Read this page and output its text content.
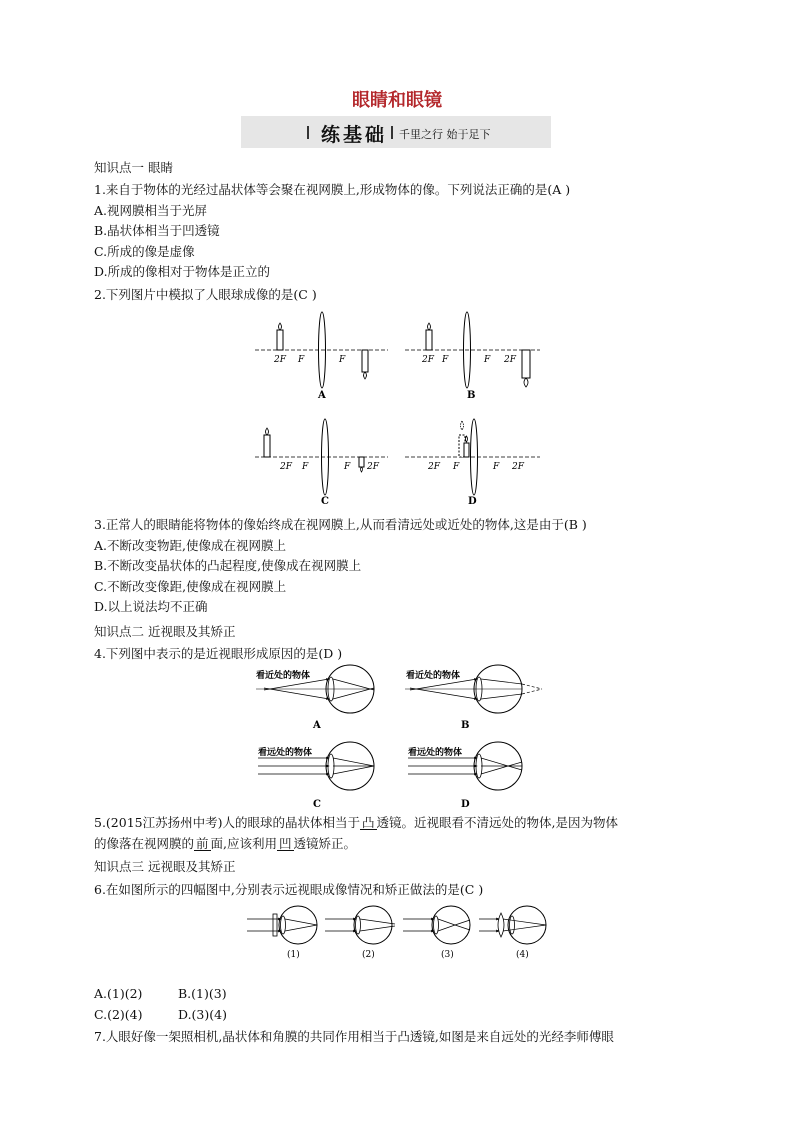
眼睛和眼镜
练基础 千里之行 始于足下
知识点一 眼睛
1.来自于物体的光经过晶状体等会聚在视网膜上,形成物体的像。下列说法正确的是(A )
A.视网膜相当于光屏
B.晶状体相当于凹透镜
C.所成的像是虚像
D.所成的像相对于物体是正立的
2.下列图片中模拟了人眼球成像的是(C )
2F F	F
A
2F F	F 2F
B
2F F	F 2F
C
2F F	F 2F
D
3.正常人的眼睛能将物体的像始终成在视网膜上,从而看清远处或近处的物体,这是由于(B )
A.不断改变物距,使像成在视网膜上
B.不断改变晶状体的凸起程度,使像成在视网膜上
C.不断改变像距,使像成在视网膜上
D.以上说法均不正确
知识点二 近视眼及其矫正
4.下列图中表示的是近视眼形成原因的是(D )
看近处的物体
A
看近处的物体
B
看远处的物体
C
看远处的物体
D
5.(2015江苏扬州中考)人的眼球的晶状体相当于 凸 透镜。近视眼看不清远处的物体,是因为物体
的像落在视网膜的 前 面,应该利用 凹 透镜矫正。
知识点三 远视眼及其矫正
6.在如图所示的四幅图中,分别表示远视眼成像情况和矫正做法的是(C )
(1)	(2)	(3)	(4)
A.(1)(2)	B.(1)(3)
C.(2)(4)	D.(3)(4)
7.人眼好像一架照相机,晶状体和角膜的共同作用相当于凸透镜,如图是来自远处的光经李师傅眼
